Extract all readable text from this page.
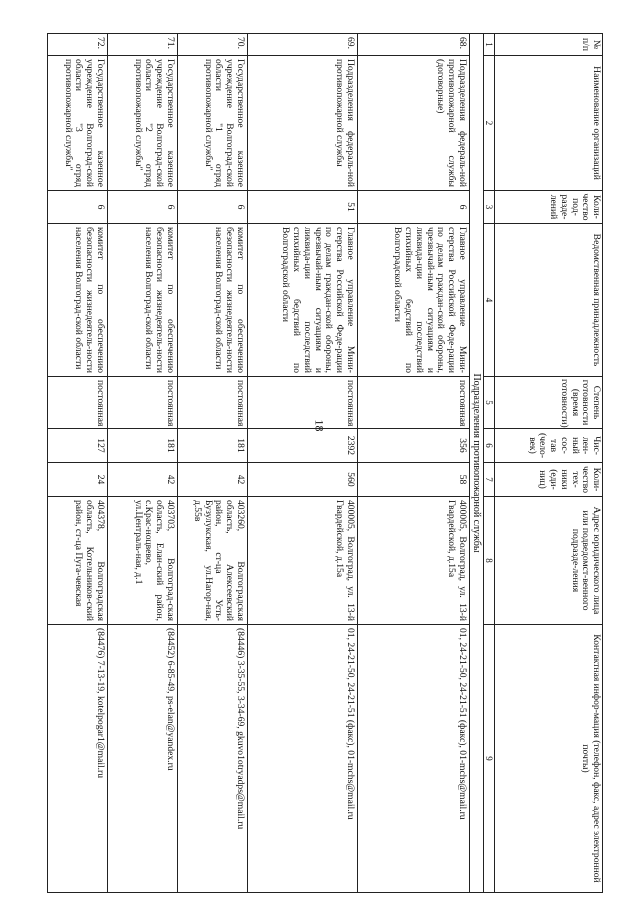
18
№ п/п	Наименование организаций	Коли-чество под-разде-лений	Ведомственная принадлежность	Степень готовности (время готовности)	Чис-лен-ный сос-тав (чело-век)	Коли-чество тех-ники (еди-ниц)	Адрес юридического лица или подведомст-венного подразде-ления	Контактная инфор-мация (телефон, факс, адрес электронной почты)
1	2	3	4	5	6	7	8	9
Подразделения противопожарной службы								
68.	Подразделения федераль-ной противопожарной службы (договорные)	6	Главное управление Мини-стерства Российской Феде-рации по делам граждан-ской обороны, чрезвычай-ным ситуациям и ликвида-ции последствий стихийных бедствий по Волгоградской области	постоянная	356	58	400005, Волгоград, ул. 13-й Гвардейской, д.15а	01, 24-21-50, 24-21-51 (факс), 01-mchs@mail.ru
69.	Подразделения федераль-ной противопожарной службы	51	Главное управление Мини-стерства Российской Феде-рации по делам граждан-ской обороны, чрезвычай-ным ситуациям и ликвида-ции последствий стихийных бедствий по Волгоградской области	постоянная	2392	560	400005, Волгоград, ул. 13-й Гвардейской, д.15а	01, 24-21-50, 24-21-51 (факс), 01-mchs@mail.ru
70.	Государственное казенное учреждение Волгоград-ской области "1 отряд противопожарной службы"	6	комитет по обеспечению безопасности жизнедеятель-ности населения Волгоград-ской области	постоянная	181	42	403260, Волгоградская область, Алексеевский район, ст-ца Усть-Бузулукская, ул.Нагор-ная, д.55в	(84446) 3-35-55, 3-34-69, gkuvo1otryadps@mail.ru
71.	Государственное казенное учреждение Волгоград-ской области "2 отряд противопожарной службы"	6	комитет по обеспечению безопасности жизнедеятель-ности населения Волгоград-ской области	постоянная	181	42	403703, Волгоград-ская область, Елан-ский район, с.Крас-ноцвево, ул.Централь-ная, д.1	(84452) 6-85-49, ps-elan@yandex.ru
72.	Государственное казенное учреждение Волгоград-ской области "3 отряд противопожарной службы"	6	комитет по обеспечению безопасности жизнедеятель-ности населения Волгоград-ской области	постоянная	127	24	404378, Волгоградская область, Котельников-ский район, ст-ца Пуга-чевская	(84476) 7-13-19, kotelpogar1@mail.ru
